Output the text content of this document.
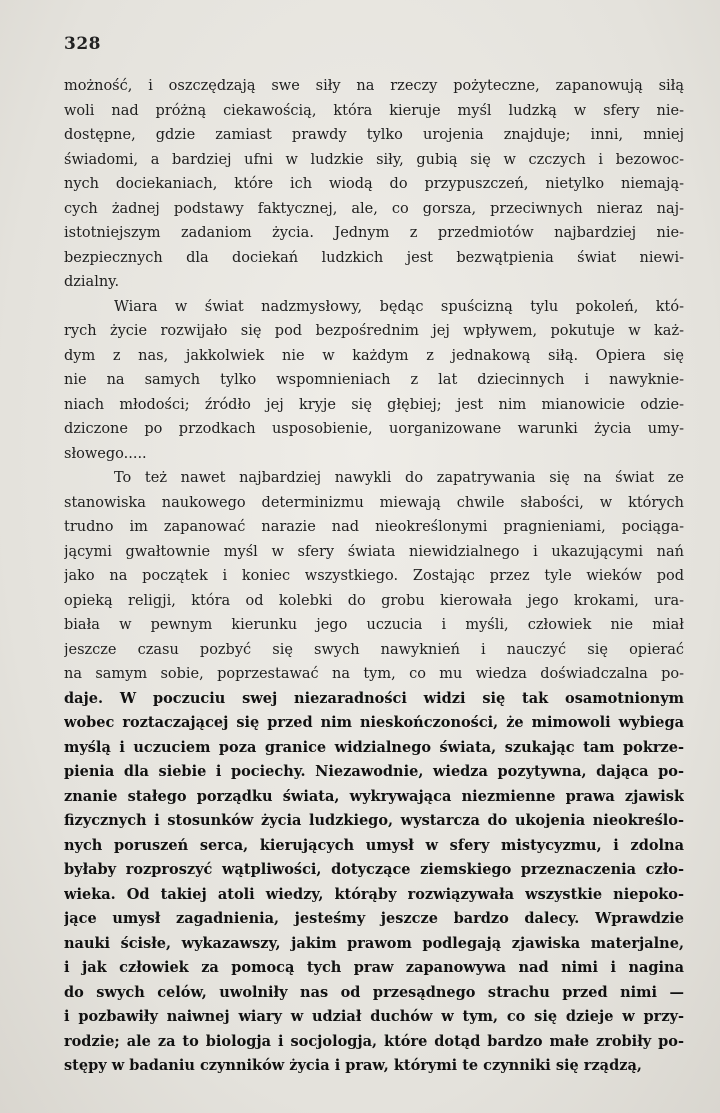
328
możność, i oszczędzają swe siły na rzeczy pożyteczne, zapanowują siłą
woli nad próżną ciekawością, która kieruje myśl ludzką w sfery nie-
dostępne, gdzie zamiast prawdy tylko urojenia znajduje; inni, mniej
świadomi, a bardziej ufni w ludzkie siły, gubią się w czczych i bezowoc-
nych dociekaniach, które ich wiodą do przypuszczeń, nietylko niemają-
cych żadnej podstawy faktycznej, ale, co gorsza, przeciwnych nieraz naj-
istotniejszym zadaniom życia. Jednym z przedmiotów najbardziej nie-
bezpiecznych dla dociekań ludzkich jest bezwątpienia świat niewi-
dzialny.
Wiara w świat nadzmysłowy, będąc spuścizną tylu pokoleń, któ-
rych życie rozwijało się pod bezpośrednim jej wpływem, pokutuje w każ-
dym z nas, jakkolwiek nie w każdym z jednakową siłą. Opiera się
nie na samych tylko wspomnieniach z lat dziecinnych i nawyknie-
niach młodości; źródło jej kryje się głębiej; jest nim mianowicie odzie-
dziczone po przodkach usposobienie, uorganizowane warunki życia umy-
słowego.....
To też nawet najbardziej nawykli do zapatrywania się na świat ze
stanowiska naukowego determinizmu miewają chwile słabości, w których
trudno im zapanować narazie nad nieokreślonymi pragnieniami, pociąga-
jącymi gwałtownie myśl w sfery świata niewidzialnego i ukazującymi nań
jako na początek i koniec wszystkiego. Zostając przez tyle wieków pod
opieką religji, która od kolebki do grobu kierowała jego krokami, ura-
biała w pewnym kierunku jego uczucia i myśli, człowiek nie miał
jeszcze czasu pozbyć się swych nawyknień i nauczyć się opierać
na samym sobie, poprzestawać na tym, co mu wiedza doświadczalna po-
daje. W poczuciu swej niezaradności widzi się tak osamotnionym
wobec roztaczającej się przed nim nieskończoności, że mimowoli wybiega
myślą i uczuciem poza granice widzialnego świata, szukając tam pokrze-
pienia dla siebie i pociechy. Niezawodnie, wiedza pozytywna, dająca po-
znanie stałego porządku świata, wykrywająca niezmienne prawa zjawisk
fizycznych i stosunków życia ludzkiego, wystarcza do ukojenia nieokreślo-
nych poruszeń serca, kierujących umysł w sfery mistycyzmu, i zdolna
byłaby rozproszyć wątpliwości, dotyczące ziemskiego przeznaczenia czło-
wieka. Od takiej atoli wiedzy, którąby rozwiązywała wszystkie niepoko-
jące umysł zagadnienia, jesteśmy jeszcze bardzo dalecy. Wprawdzie
nauki ścisłe, wykazawszy, jakim prawom podlegają zjawiska materjalne,
i jak człowiek za pomocą tych praw zapanowywa nad nimi i nagina
do swych celów, uwolniły nas od przesądnego strachu przed nimi —
i pozbawiły naiwnej wiary w udział duchów w tym, co się dzieje w przy-
rodzie; ale za to biologja i socjologja, które dotąd bardzo małe zrobiły po-
stępy w badaniu czynników życia i praw, którymi te czynniki się rządzą,
